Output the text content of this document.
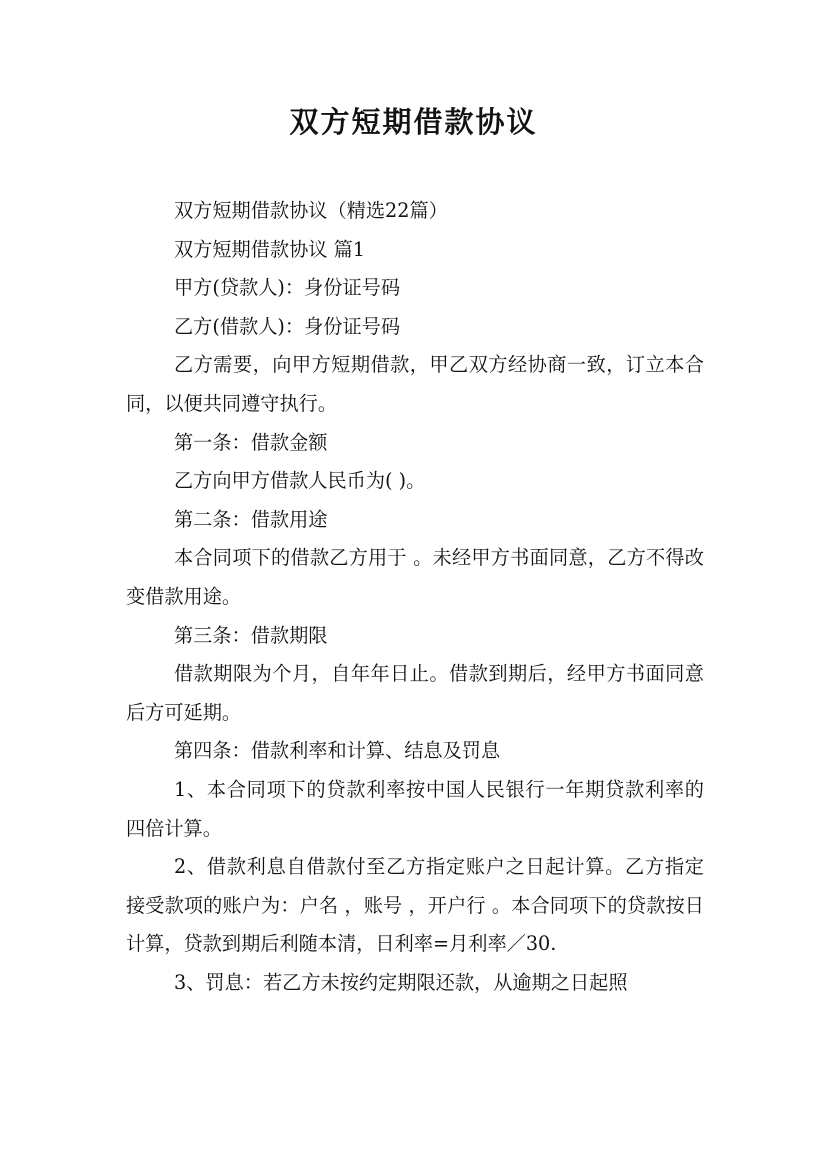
双方短期借款协议

双方短期借款协议（精选22篇）

双方短期借款协议 篇1

甲方(贷款人)：身份证号码

乙方(借款人)：身份证号码

乙方需要，向甲方短期借款，甲乙双方经协商一致，订立本合同，以便共同遵守执行。

第一条：借款金额

乙方向甲方借款人民币为( )。

第二条：借款用途

本合同项下的借款乙方用于 。未经甲方书面同意，乙方不得改变借款用途。

第三条：借款期限

借款期限为个月，自年年日止。借款到期后，经甲方书面同意后方可延期。

第四条：借款利率和计算、结息及罚息

1、本合同项下的贷款利率按中国人民银行一年期贷款利率的四倍计算。

2、借款利息自借款付至乙方指定账户之日起计算。乙方指定接受款项的账户为：户名 ，账号 ，开户行 。本合同项下的贷款按日计算，贷款到期后利随本清，日利率=月利率／30.

3、罚息：若乙方未按约定期限还款，从逾期之日起照
